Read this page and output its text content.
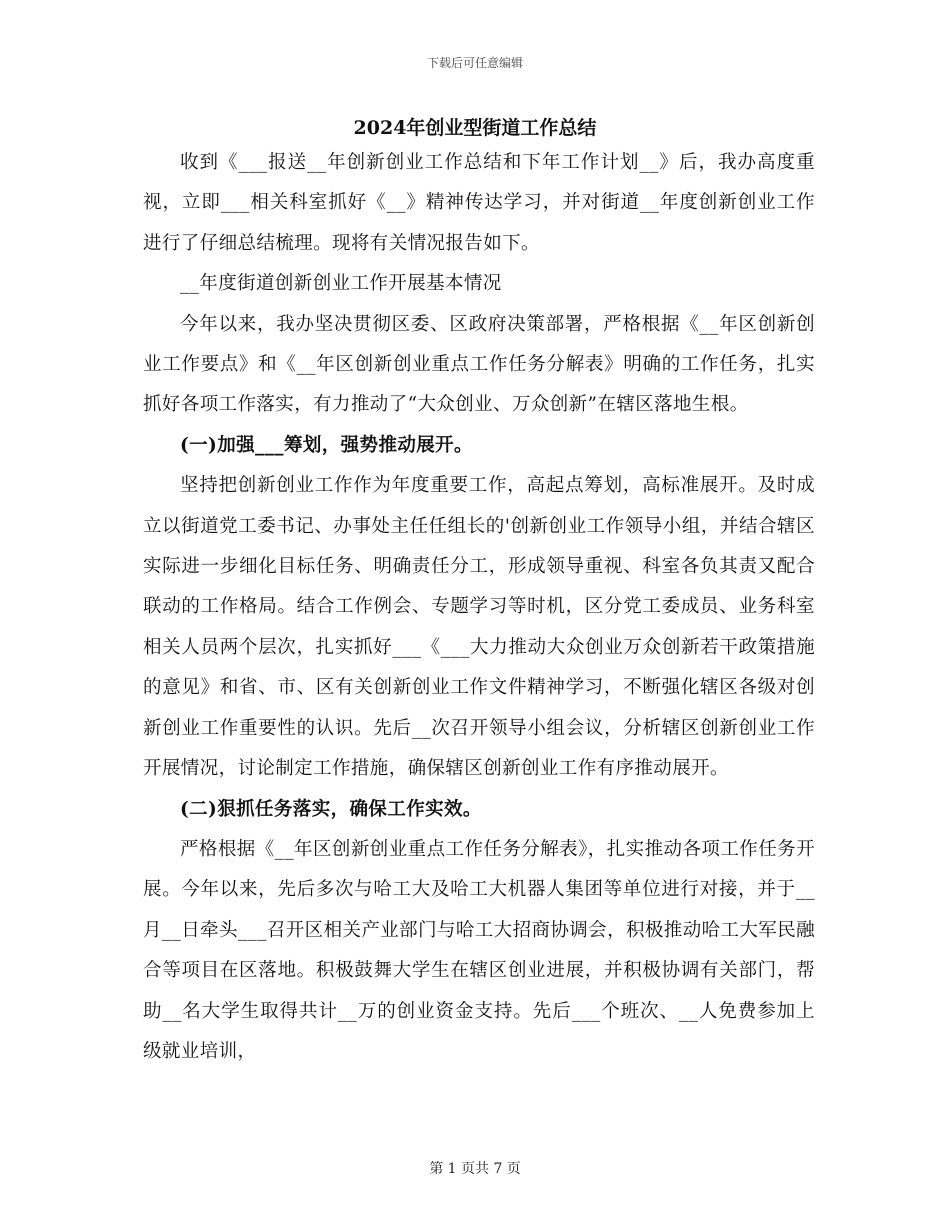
下载后可任意编辑
2024年创业型街道工作总结

收到《___报送__年创新创业工作总结和下年工作计划__》后，我办高度重视，立即___相关科室抓好《__》精神传达学习，并对街道__年度创新创业工作进行了仔细总结梳理。现将有关情况报告如下。

__年度街道创新创业工作开展基本情况

今年以来，我办坚决贯彻区委、区政府决策部署，严格根据《__年区创新创业工作要点》和《__年区创新创业重点工作任务分解表》明确的工作任务，扎实抓好各项工作落实，有力推动了“大众创业、万众创新”在辖区落地生根。

(一)加强___筹划，强势推动展开。

坚持把创新创业工作作为年度重要工作，高起点筹划，高标准展开。及时成立以街道党工委书记、办事处主任任组长的'创新创业工作领导小组，并结合辖区实际进一步细化目标任务、明确责任分工，形成领导重视、科室各负其责又配合联动的工作格局。结合工作例会、专题学习等时机，区分党工委成员、业务科室相关人员两个层次，扎实抓好___《___大力推动大众创业万众创新若干政策措施的意见》和省、市、区有关创新创业工作文件精神学习，不断强化辖区各级对创新创业工作重要性的认识。先后__次召开领导小组会议，分析辖区创新创业工作开展情况，讨论制定工作措施，确保辖区创新创业工作有序推动展开。

(二)狠抓任务落实，确保工作实效。

严格根据《__年区创新创业重点工作任务分解表》，扎实推动各项工作任务开展。今年以来，先后多次与哈工大及哈工大机器人集团等单位进行对接，并于__月__日牵头___召开区相关产业部门与哈工大招商协调会，积极推动哈工大军民融合等项目在区落地。积极鼓舞大学生在辖区创业进展，并积极协调有关部门，帮助__名大学生取得共计__万的创业资金支持。先后___个班次、__人免费参加上级就业培训，

第 1 页共 7 页
